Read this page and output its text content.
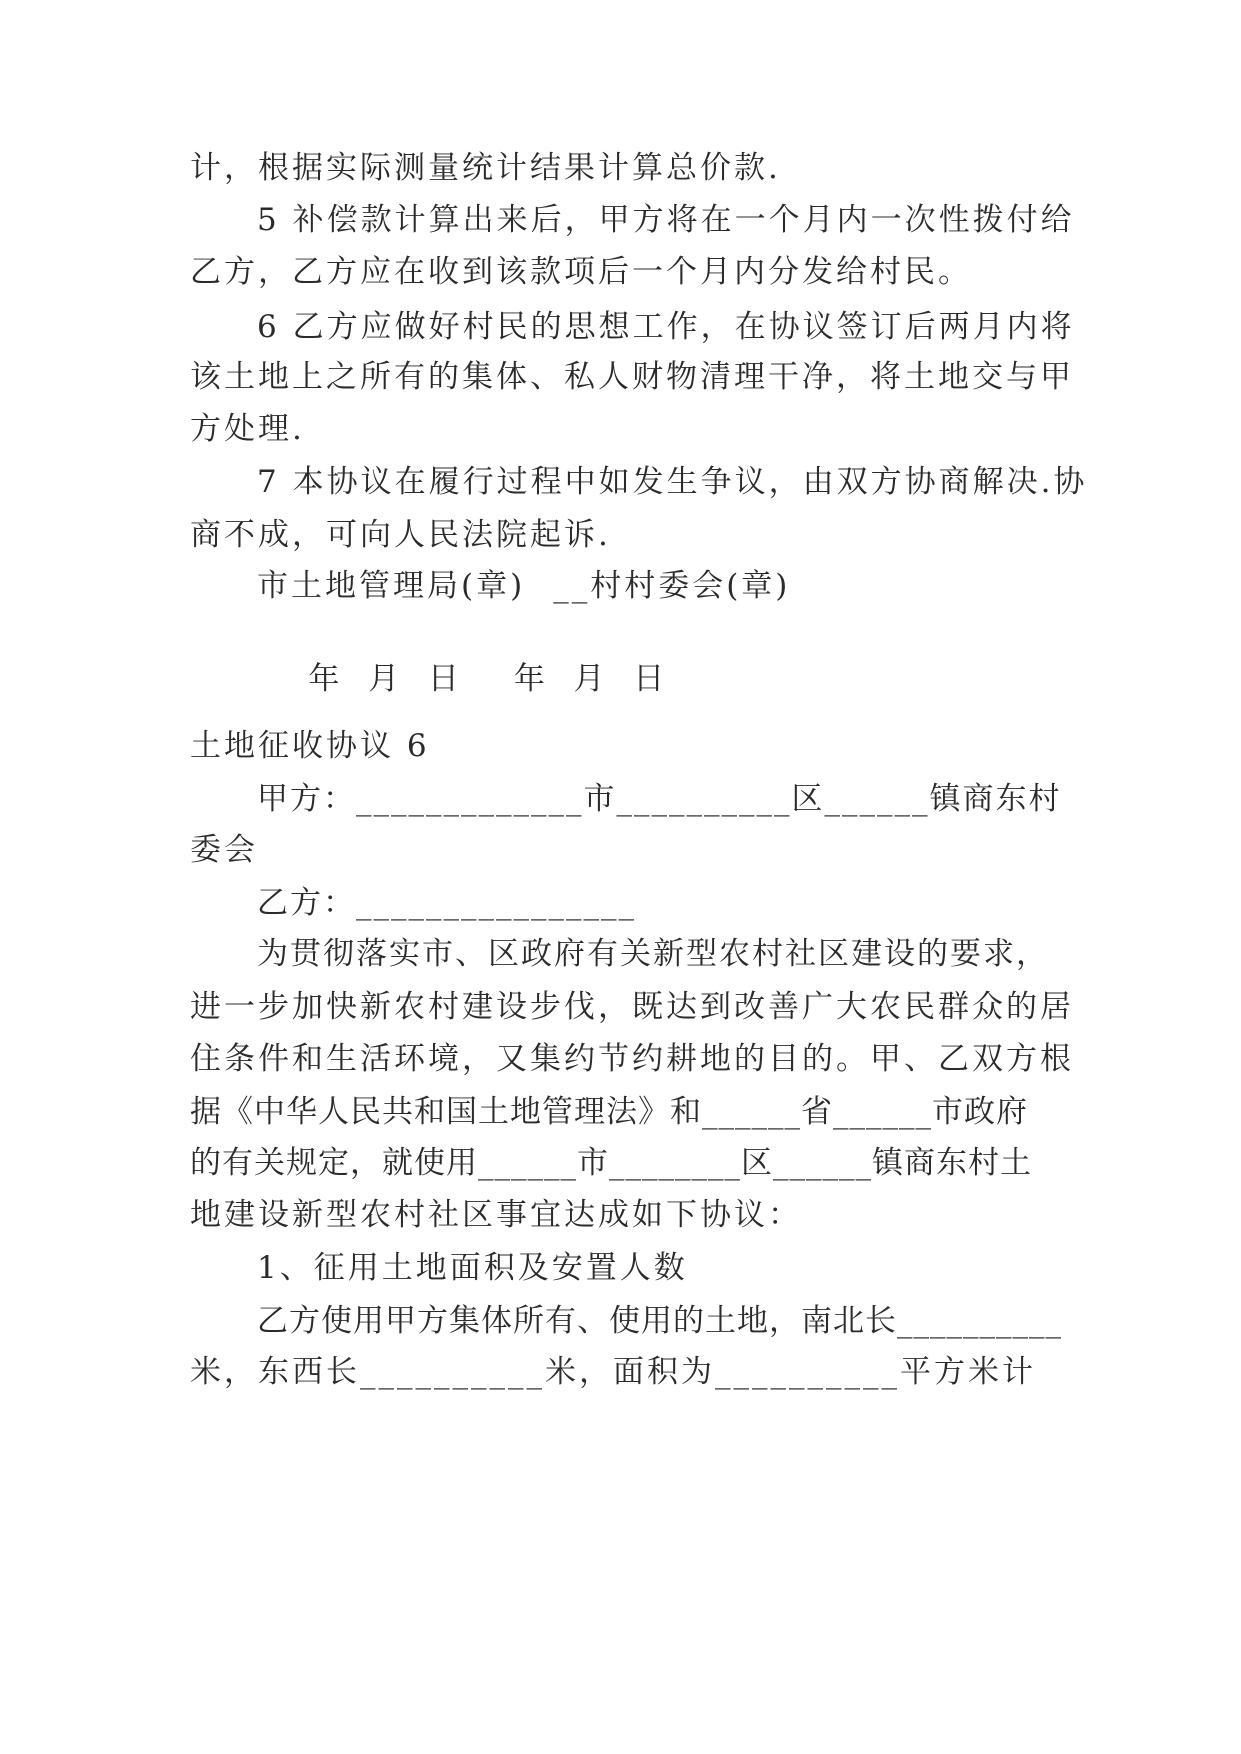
计，根据实际测量统计结果计算总价款.
5 补偿款计算出来后，甲方将在一个月内一次性拨付给
乙方，乙方应在收到该款项后一个月内分发给村民。
6 乙方应做好村民的思想工作，在协议签订后两月内将
该土地上之所有的集体、私人财物清理干净，将土地交与甲
方处理.
7 本协议在履行过程中如发生争议，由双方协商解决.协
商不成，可向人民法院起诉.
市土地管理局(章) __村村委会(章)

年  月  日 年  月  日

土地征收协议 6
甲方：_____________市__________区______镇商东村
委会
乙方：________________
为贯彻落实市、区政府有关新型农村社区建设的要求，
进一步加快新农村建设步伐，既达到改善广大农民群众的居
住条件和生活环境，又集约节约耕地的目的。甲、乙双方根
据《中华人民共和国土地管理法》和______省______市政府
的有关规定，就使用______市________区______镇商东村土
地建设新型农村社区事宜达成如下协议：
1、征用土地面积及安置人数
乙方使用甲方集体所有、使用的土地，南北长__________
米，东西长__________米，面积为__________平方米计
